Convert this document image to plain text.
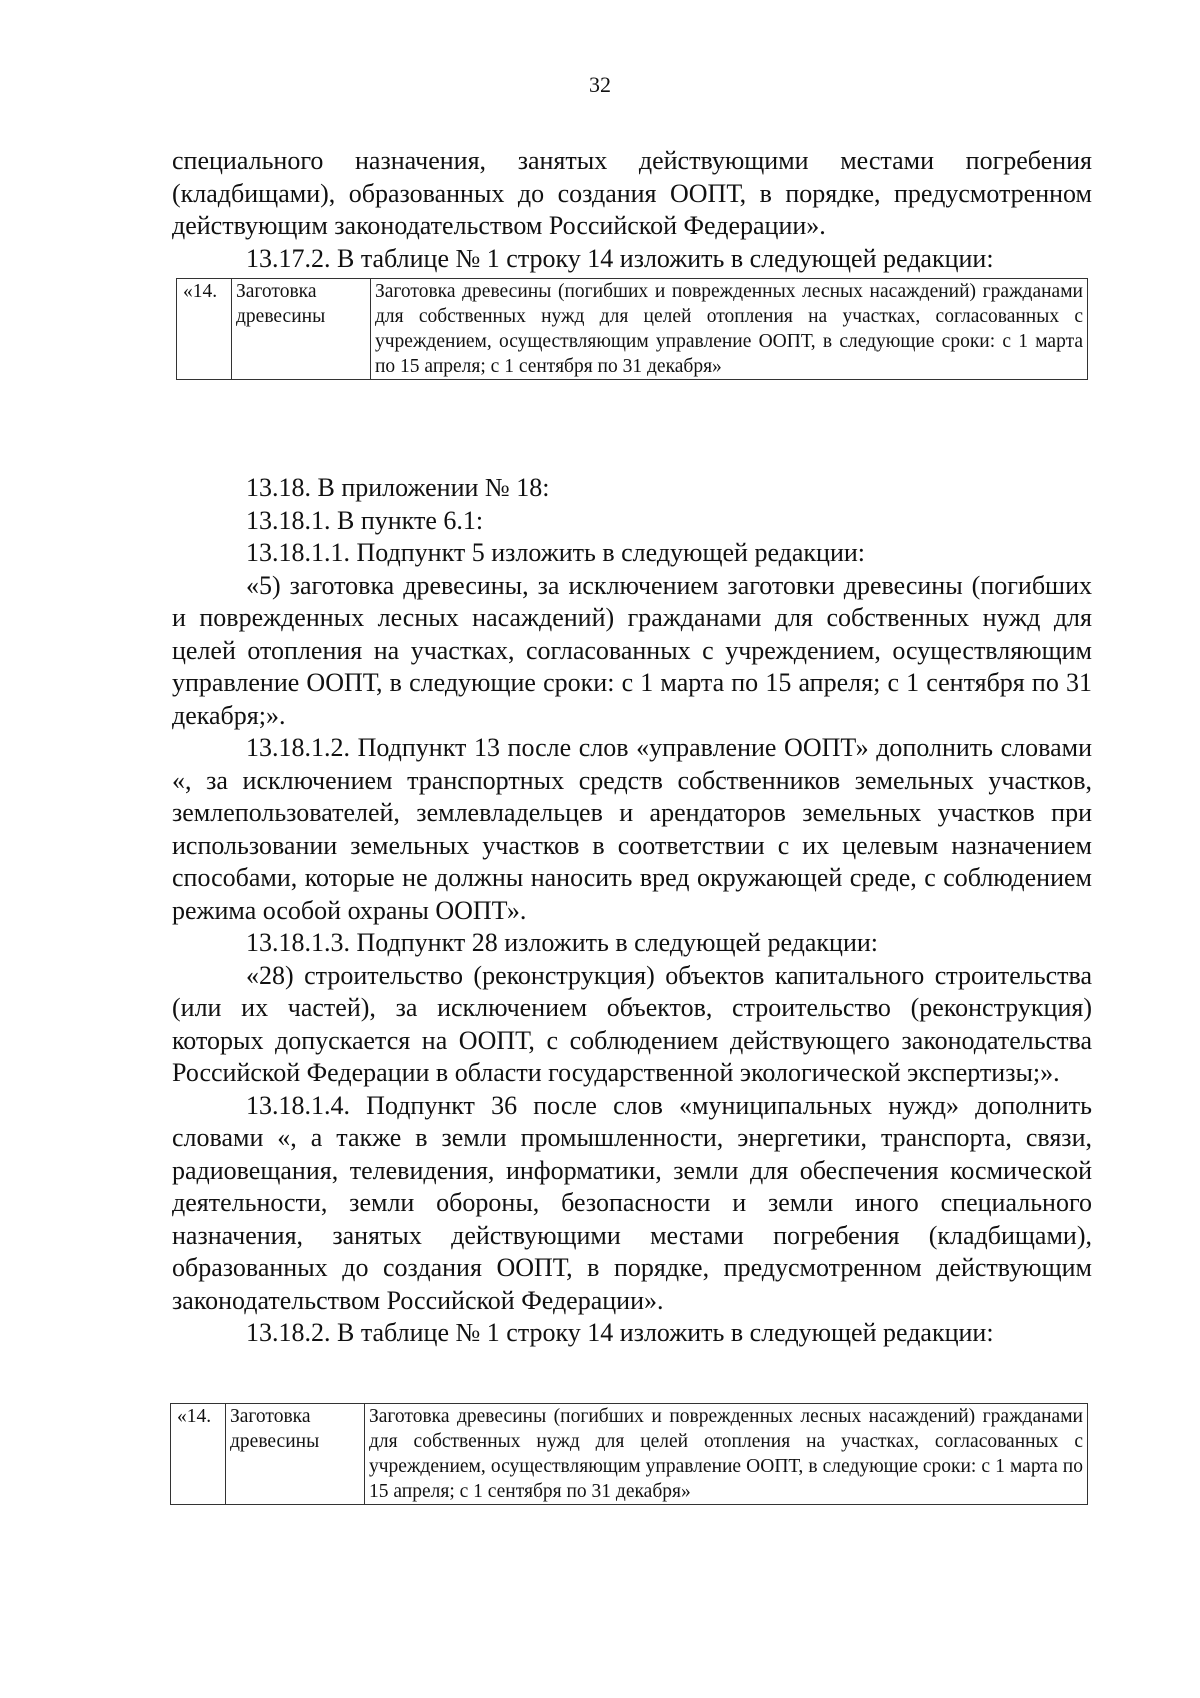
32

специального назначения, занятых действующими местами погребения (кладбищами), образованных до создания ООПТ, в порядке, предусмотренном действующим законодательством Российской Федерации».

13.17.2. В таблице № 1 строку 14 изложить в следующей редакции:

«14.	Заготовка древесины	Заготовка древесины (погибших и поврежденных лесных насаждений) гражданами для собственных нужд для целей отопления на участках, согласованных с учреждением, осуществляющим управление ООПТ, в следующие сроки: с 1 марта по 15 апреля; с 1 сентября по 31 декабря»

13.18. В приложении № 18:

13.18.1. В пункте 6.1:

13.18.1.1. Подпункт 5 изложить в следующей редакции:

«5) заготовка древесины, за исключением заготовки древесины (погибших и поврежденных лесных насаждений) гражданами для собственных нужд для целей отопления на участках, согласованных с учреждением, осуществляющим управление ООПТ, в следующие сроки: с 1 марта по 15 апреля; с 1 сентября по 31 декабря;».

13.18.1.2. Подпункт 13 после слов «управление ООПТ» дополнить словами «, за исключением транспортных средств собственников земельных участков, землепользователей, землевладельцев и арендаторов земельных участков при использовании земельных участков в соответствии с их целевым назначением способами, которые не должны наносить вред окружающей среде, с соблюдением режима особой охраны ООПТ».

13.18.1.3. Подпункт 28 изложить в следующей редакции:

«28) строительство (реконструкция) объектов капитального строительства (или их частей), за исключением объектов, строительство (реконструкция) которых допускается на ООПТ, с соблюдением действующего законодательства Российской Федерации в области государственной экологической экспертизы;».

13.18.1.4. Подпункт 36 после слов «муниципальных нужд» дополнить словами «, а также в земли промышленности, энергетики, транспорта, связи, радиовещания, телевидения, информатики, земли для обеспечения космической деятельности, земли обороны, безопасности и земли иного специального назначения, занятых действующими местами погребения (кладбищами), образованных до создания ООПТ, в порядке, предусмотренном действующим законодательством Российской Федерации».

13.18.2. В таблице № 1 строку 14 изложить в следующей редакции:

«14.	Заготовка древесины	Заготовка древесины (погибших и поврежденных лесных насаждений) гражданами для собственных нужд для целей отопления на участках, согласованных с учреждением, осуществляющим управление ООПТ, в следующие сроки: с 1 марта по 15 апреля; с 1 сентября по 31 декабря»
